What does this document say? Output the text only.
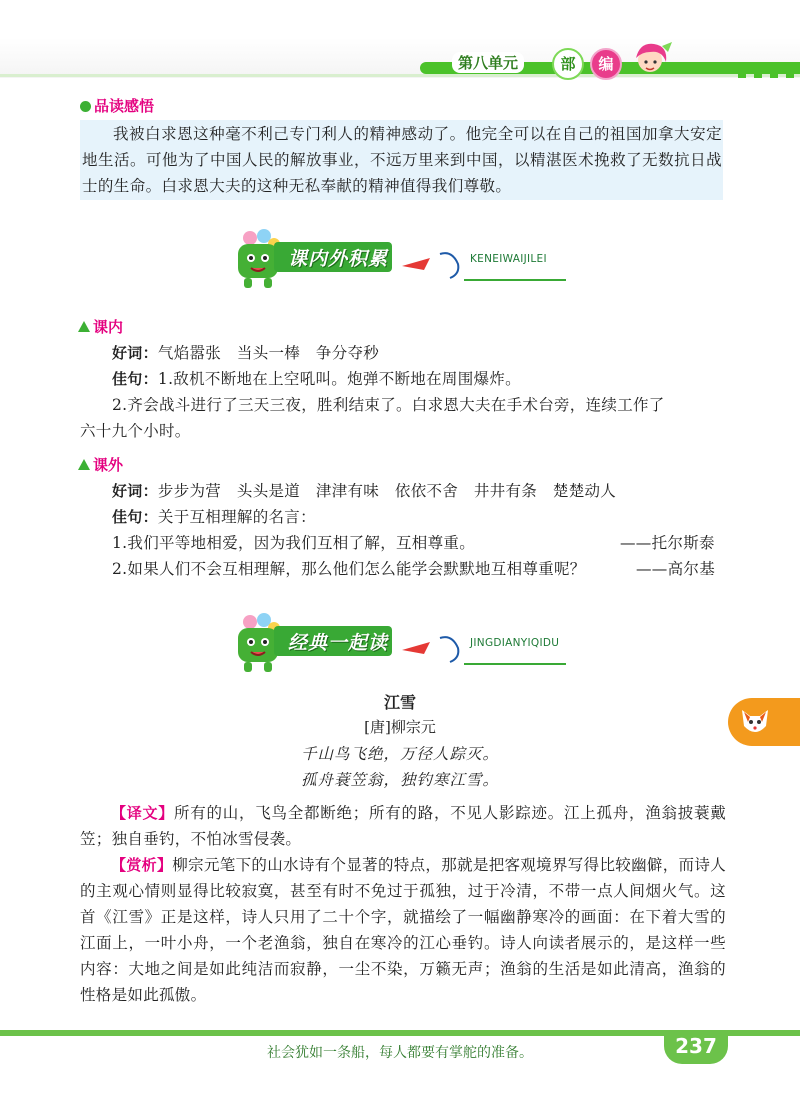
第八单元	部	编
品读感悟
我被白求恩这种毫不利己专门利人的精神感动了。他完全可以在自己的祖国加拿大安定地生活。可他为了中国人民的解放事业，不远万里来到中国，以精湛医术挽救了无数抗日战士的生命。白求恩大夫的这种无私奉献的精神值得我们尊敬。
课内外积累	KENEIWAIJILEI
课内
好词：气焰嚣张　当头一棒　争分夺秒
佳句：1.敌机不断地在上空吼叫。炮弹不断地在周围爆炸。
2.齐会战斗进行了三天三夜，胜利结束了。白求恩大夫在手术台旁，连续工作了
六十九个小时。
课外
好词：步步为营　头头是道　津津有味　依依不舍　井井有条　楚楚动人
佳句：关于互相理解的名言：
1.我们平等地相爱，因为我们互相了解，互相尊重。	——托尔斯泰
2.如果人们不会互相理解，那么他们怎么能学会默默地互相尊重呢？	——高尔基
经典一起读	JINGDIANYIQIDU
江雪
[唐]柳宗元
千山鸟飞绝，万径人踪灭。
孤舟蓑笠翁，独钓寒江雪。
【译文】所有的山，飞鸟全都断绝；所有的路，不见人影踪迹。江上孤舟，渔翁披蓑戴笠；独自垂钓，不怕冰雪侵袭。
【赏析】柳宗元笔下的山水诗有个显著的特点，那就是把客观境界写得比较幽僻，而诗人的主观心情则显得比较寂寞，甚至有时不免过于孤独，过于冷清，不带一点人间烟火气。这首《江雪》正是这样，诗人只用了二十个字，就描绘了一幅幽静寒冷的画面：在下着大雪的江面上，一叶小舟，一个老渔翁，独自在寒冷的江心垂钓。诗人向读者展示的，是这样一些内容：大地之间是如此纯洁而寂静，一尘不染，万籁无声；渔翁的生活是如此清高，渔翁的性格是如此孤傲。
社会犹如一条船，每人都要有掌舵的准备。	237
